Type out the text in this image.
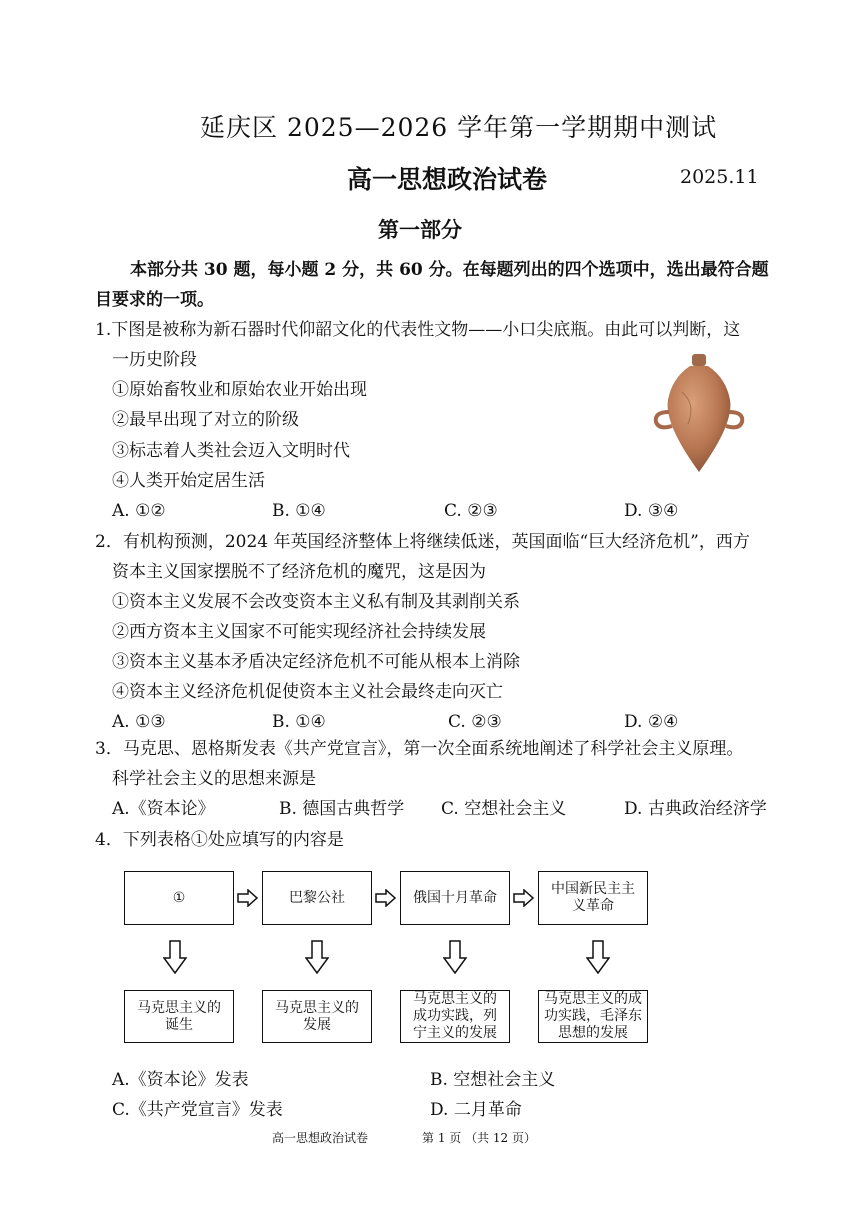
延庆区 2025—2026 学年第一学期期中测试
高一思想政治试卷	2025.11
第一部分
本部分共 30 题，每小题 2 分，共 60 分。在每题列出的四个选项中，选出最符合题
目要求的一项。
1.下图是被称为新石器时代仰韶文化的代表性文物——小口尖底瓶。由此可以判断，这
一历史阶段
①原始畜牧业和原始农业开始出现
②最早出现了对立的阶级
③标志着人类社会迈入文明时代
④人类开始定居生活
A. ①②	B. ①④	C. ②③	D. ③④
2．有机构预测，2024 年英国经济整体上将继续低迷，英国面临“巨大经济危机”，西方
资本主义国家摆脱不了经济危机的魔咒，这是因为
①资本主义发展不会改变资本主义私有制及其剥削关系
②西方资本主义国家不可能实现经济社会持续发展
③资本主义基本矛盾决定经济危机不可能从根本上消除
④资本主义经济危机促使资本主义社会最终走向灭亡
A. ①③	B. ①④	C. ②③	D. ②④
3．马克思、恩格斯发表《共产党宣言》，第一次全面系统地阐述了科学社会主义原理。
科学社会主义的思想来源是
A.《资本论》	B. 德国古典哲学 C. 空想社会主义	D. 古典政治经济学
4．下列表格①处应填写的内容是
①	巴黎公社	俄国十月革命
中国新民主主义革命
马克思主义的诞生
马克思主义的发展
马克思主义的成功实践，列宁主义的发展
马克思主义的成功实践，毛泽东思想的发展
A.《资本论》发表	B. 空想社会主义
C.《共产党宣言》发表	D. 二月革命
高一思想政治试卷	第 1 页 （共 12 页）
